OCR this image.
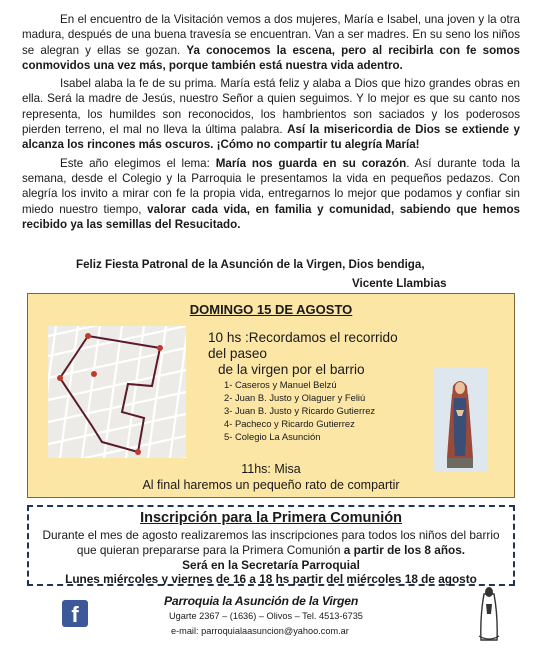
En el encuentro de la Visitación vemos a dos mujeres, María e Isabel, una joven y la otra madura, después de una buena travesía se encuentran. Van a ser madres. En su seno los niños se alegran y ellas se gozan. Ya conocemos la escena, pero al recibirla con fe somos conmovidos una vez más, porque también está nuestra vida adentro.

Isabel alaba la fe de su prima. María está feliz y alaba a Dios que hizo grandes obras en ella. Será la madre de Jesús, nuestro Señor a quien seguimos. Y lo mejor es que su canto nos representa, los humildes son reconocidos, los hambrientos son saciados y los poderosos pierden terreno, el mal no lleva la última palabra. Así la misericordia de Dios se extiende y alcanza los rincones más oscuros. ¡Cómo no compartir tu alegría María!

Este año elegimos el lema: María nos guarda en su corazón. Así durante toda la semana, desde el Colegio y la Parroquia le presentamos la vida en pequeños pedazos. Con alegría los invito a mirar con fe la propia vida, entregarnos lo mejor que podamos y confiar sin miedo nuestro tiempo, valorar cada vida, en familia y comunidad, sabiendo que hemos recibido ya las semillas del Resucitado.

Feliz Fiesta Patronal de la Asunción de la Virgen, Dios bendiga,
Vicente Llambias
DOMINGO 15 DE AGOSTO
10 hs :Recordamos el recorrido del paseo
de la virgen por el barrio
1- Caseros y Manuel Belzú
2- Juan B. Justo y Olaguer y Feliú
3- Juan B. Justo y Ricardo Gutierrez
4- Pacheco y Ricardo Gutierrez
5- Colegio La Asunción
11hs: Misa
Al final haremos un pequeño rato de compartir
Inscripción para la Primera Comunión
Durante el mes de agosto realizaremos las inscripciones para todos los niños del barrio
que quieran prepararse para la Primera Comunión a partir de los 8 años.
Será en la Secretaría Parroquial
Lunes miércoles y viernes de 16 a 18 hs partir del miércoles 18 de agosto
f
Parroquia la Asunción de la Virgen
Ugarte 2367 – (1636) – Olivos – Tel. 4513-6735
e-mail: parroquialaasuncion@yahoo.com.ar
